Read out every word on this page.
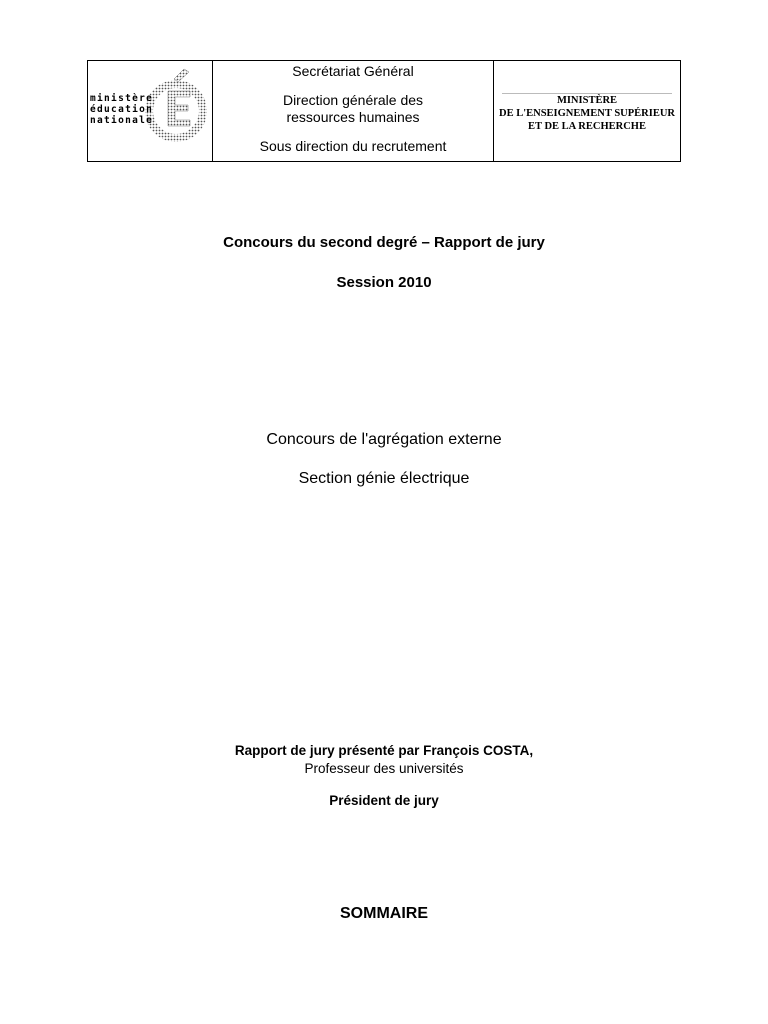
ministère
éducation
nationale
Secrétariat Général
Direction générale des
ressources humaines
Sous direction du recrutement
MINISTÈRE
DE L'ENSEIGNEMENT SUPÉRIEUR
ET DE LA RECHERCHE
Concours du second degré – Rapport de jury
Session 2010
Concours de l'agrégation externe
Section génie électrique
Rapport de jury présenté par François COSTA,
Professeur des universités
Président de jury
SOMMAIRE
